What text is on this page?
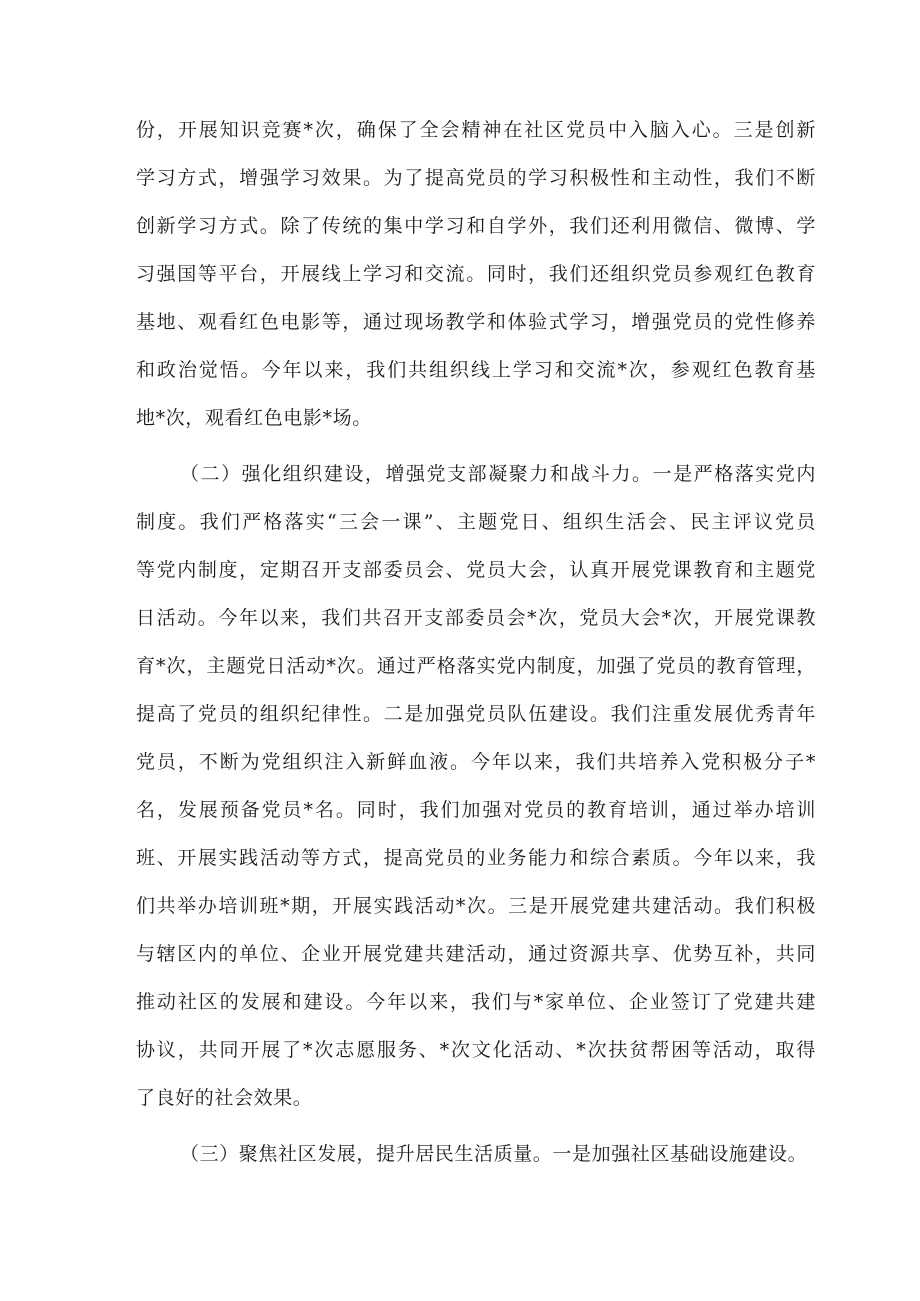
份，开展知识竞赛*次，确保了全会精神在社区党员中入脑入心。三是创新
学习方式，增强学习效果。为了提高党员的学习积极性和主动性，我们不断
创新学习方式。除了传统的集中学习和自学外，我们还利用微信、微博、学
习强国等平台，开展线上学习和交流。同时，我们还组织党员参观红色教育
基地、观看红色电影等，通过现场教学和体验式学习，增强党员的党性修养
和政治觉悟。今年以来，我们共组织线上学习和交流*次，参观红色教育基
地*次，观看红色电影*场。
（二）强化组织建设，增强党支部凝聚力和战斗力。一是严格落实党内
制度。我们严格落实“三会一课”、主题党日、组织生活会、民主评议党员
等党内制度，定期召开支部委员会、党员大会，认真开展党课教育和主题党
日活动。今年以来，我们共召开支部委员会*次，党员大会*次，开展党课教
育*次，主题党日活动*次。通过严格落实党内制度，加强了党员的教育管理，
提高了党员的组织纪律性。二是加强党员队伍建设。我们注重发展优秀青年
党员，不断为党组织注入新鲜血液。今年以来，我们共培养入党积极分子*
名，发展预备党员*名。同时，我们加强对党员的教育培训，通过举办培训
班、开展实践活动等方式，提高党员的业务能力和综合素质。今年以来，我
们共举办培训班*期，开展实践活动*次。三是开展党建共建活动。我们积极
与辖区内的单位、企业开展党建共建活动，通过资源共享、优势互补，共同
推动社区的发展和建设。今年以来，我们与*家单位、企业签订了党建共建
协议，共同开展了*次志愿服务、*次文化活动、*次扶贫帮困等活动，取得
了良好的社会效果。
（三）聚焦社区发展，提升居民生活质量。一是加强社区基础设施建设。
